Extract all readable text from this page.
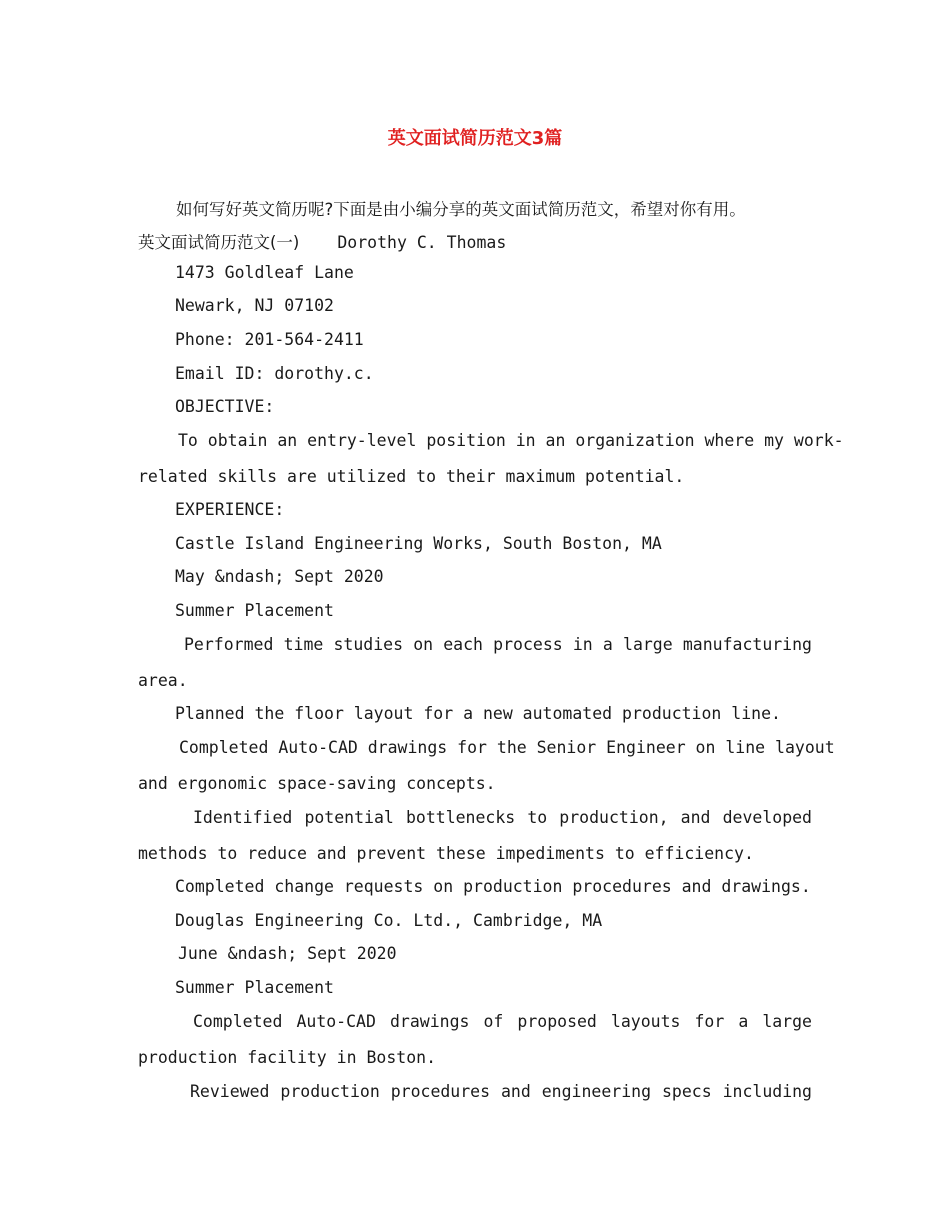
英文面试简历范文3篇
如何写好英文简历呢?下面是由小编分享的英文面试简历范文，希望对你有用。
英文面试简历范文(一) Dorothy C. Thomas
1473 Goldleaf Lane
Newark, NJ 07102
Phone: 201-564-2411
Email ID: dorothy.c.
OBJECTIVE:
To obtain an entry-level position in an organization where my work-
related skills are utilized to their maximum potential.
EXPERIENCE:
Castle Island Engineering Works, South Boston, MA
May &ndash; Sept 2020
Summer Placement
Performed time studies on each process in a large manufacturing
area.
Planned the floor layout for a new automated production line.
Completed Auto-CAD drawings for the Senior Engineer on line layout
and ergonomic space-saving concepts.
Identified potential bottlenecks to production, and developed
methods to reduce and prevent these impediments to efficiency.
Completed change requests on production procedures and drawings.
Douglas Engineering Co. Ltd., Cambridge, MA
June &ndash; Sept 2020
Summer Placement
Completed Auto-CAD drawings of proposed layouts for a large
production facility in Boston.
Reviewed production procedures and engineering specs including
